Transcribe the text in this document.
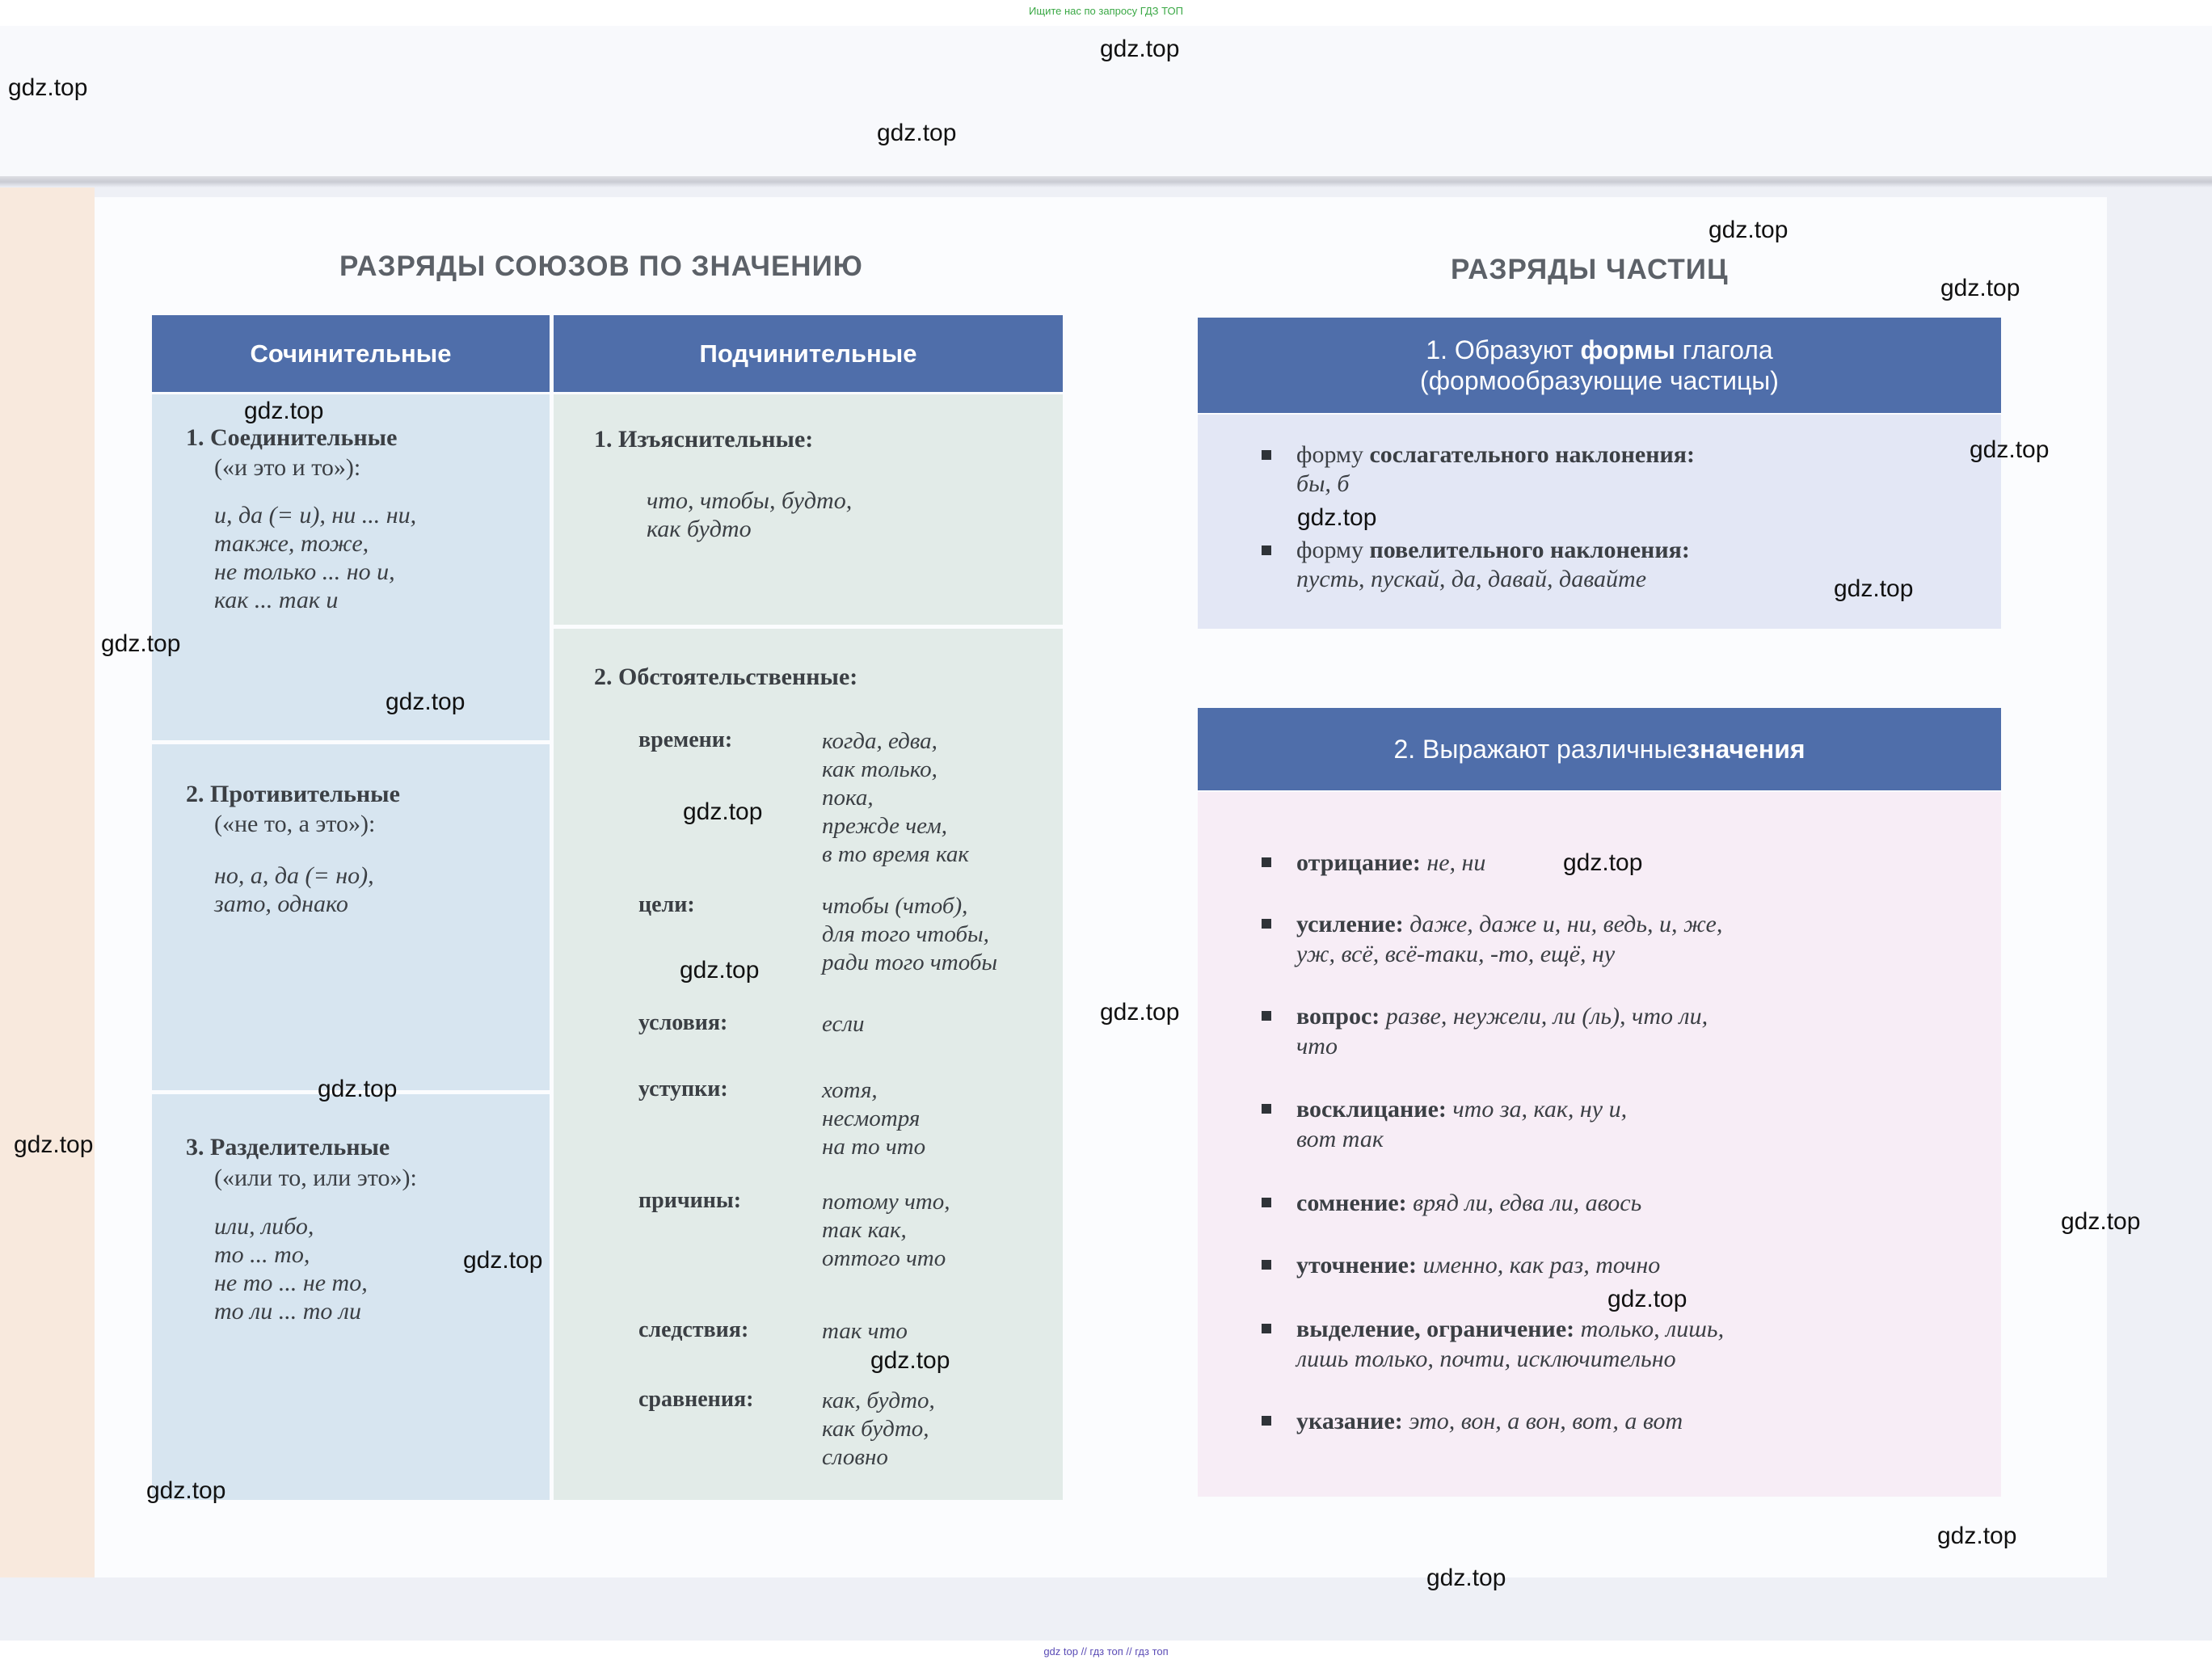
Ищите нас по запросу ГДЗ ТОП
РАЗРЯДЫ СОЮЗОВ ПО ЗНАЧЕНИЮ
Сочинительные	Подчинительные
1. Соединительные
(«и это и то»):
и, да (= и), ни ... ни,
также, тоже,
не только ... но и,
как ... так и
2. Противительные
(«не то, а это»):
но, а, да (= но),
зато, однако
3. Разделительные
(«или то, или это»):
или, либо,
то ... то,
не то ... не то,
то ли ... то ли
1. Изъяснительные:
что, чтобы, будто,
как будто
2. Обстоятельственные:
времени:	когда, едва,
как только,
пока,
прежде чем,
в то время как
цели:	чтобы (чтоб),
для того чтобы,
ради того чтобы
условия:	если
уступки:	хотя,
несмотря
на то что
причины:	потому что,
так как,
оттого что
следствия:	так что
сравнения:	как, будто,
как будто,
словно
РАЗРЯДЫ ЧАСТИЦ
1. Образуют формы глагола
(формообразующие частицы)
форму сослагательного наклонения:
бы, б
форму повелительного наклонения:
пусть, пускай, да, давай, давайте
2. Выражают различные значения
отрицание: не, ни
усиление: даже, даже и, ни, ведь, и, же,
уж, всё, всё-таки, -то, ещё, ну
вопрос: разве, неужели, ли (ль), что ли,
что
восклицание: что за, как, ну и,
вот так
сомнение: вряд ли, едва ли, авось
уточнение: именно, как раз, точно
выделение, ограничение: только, лишь,
лишь только, почти, исключительно
указание: это, вон, а вон, вот, а вот
gdz.top
gdz.top
gdz.top
gdz.top
gdz.top
gdz.top
gdz.top
gdz.top
gdz.top
gdz.top
gdz.top
gdz.top
gdz.top
gdz.top
gdz.top
gdz.top
gdz.top
gdz.top
gdz.top
gdz.top
gdz.top
gdz.top
gdz.top
gdz.top
gdz top // гдз топ // гдз топ
